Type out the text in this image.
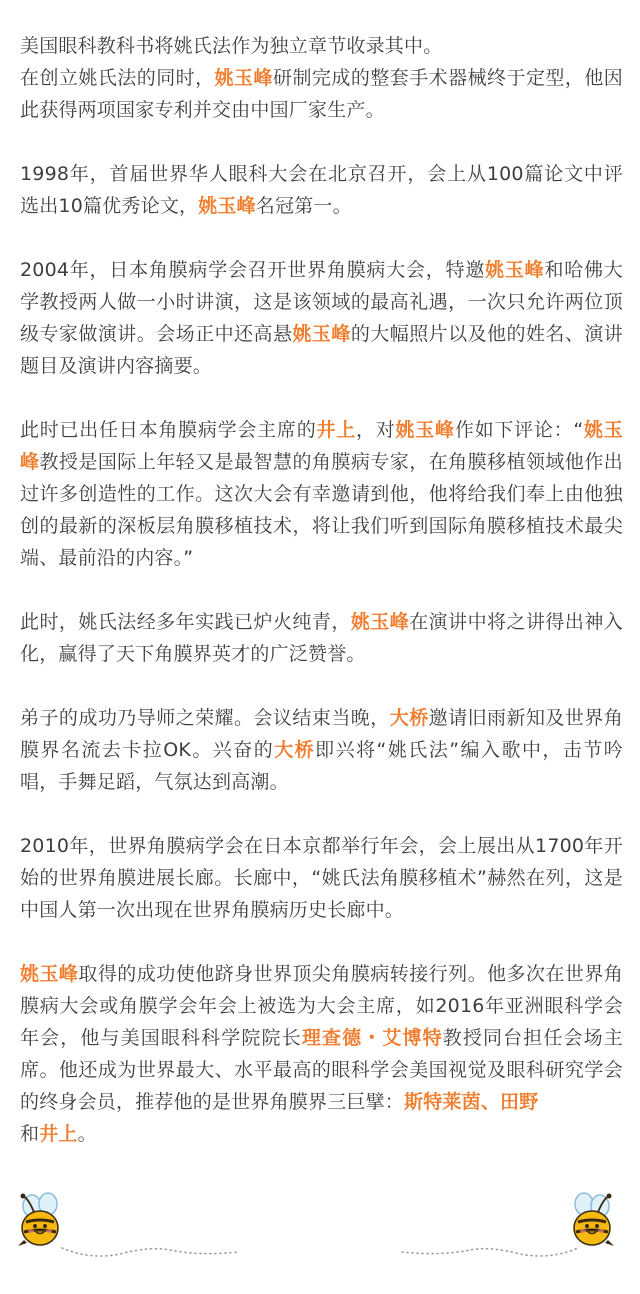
美国眼科教科书将姚氏法作为独立章节收录其中。
在创立姚氏法的同时，姚玉峰研制完成的整套手术器械终于定型，他因此获得两项国家专利并交由中国厂家生产。

1998年，首届世界华人眼科大会在北京召开，会上从100篇论文中评选出10篇优秀论文，姚玉峰名冠第一。

2004年，日本角膜病学会召开世界角膜病大会，特邀姚玉峰和哈佛大学教授两人做一小时讲演，这是该领域的最高礼遇，一次只允许两位顶级专家做演讲。会场正中还高悬姚玉峰的大幅照片以及他的姓名、演讲题目及演讲内容摘要。

此时已出任日本角膜病学会主席的井上，对姚玉峰作如下评论：“姚玉峰教授是国际上年轻又是最智慧的角膜病专家，在角膜移植领域他作出过许多创造性的工作。这次大会有幸邀请到他，他将给我们奉上由他独创的最新的深板层角膜移植技术，将让我们听到国际角膜移植技术最尖端、最前沿的内容。”

此时，姚氏法经多年实践已炉火纯青，姚玉峰在演讲中将之讲得出神入化，赢得了天下角膜界英才的广泛赞誉。

弟子的成功乃导师之荣耀。会议结束当晚，大桥邀请旧雨新知及世界角膜界名流去卡拉OK。兴奋的大桥即兴将“姚氏法”编入歌中，击节吟唱，手舞足蹈，气氛达到高潮。

2010年，世界角膜病学会在日本京都举行年会，会上展出从1700年开始的世界角膜进展长廊。长廊中，“姚氏法角膜移植术”赫然在列，这是中国人第一次出现在世界角膜病历史长廊中。

姚玉峰取得的成功使他跻身世界顶尖角膜病转接行列。他多次在世界角膜病大会或角膜学会年会上被选为大会主席，如2016年亚洲眼科学会年会，他与美国眼科科学院院长理查德・艾博特教授同台担任会场主席。他还成为世界最大、水平最高的眼科学会美国视觉及眼科研究学会的终身会员，推荐他的是世界角膜界三巨擘：斯特莱茵、田野
和井上。
